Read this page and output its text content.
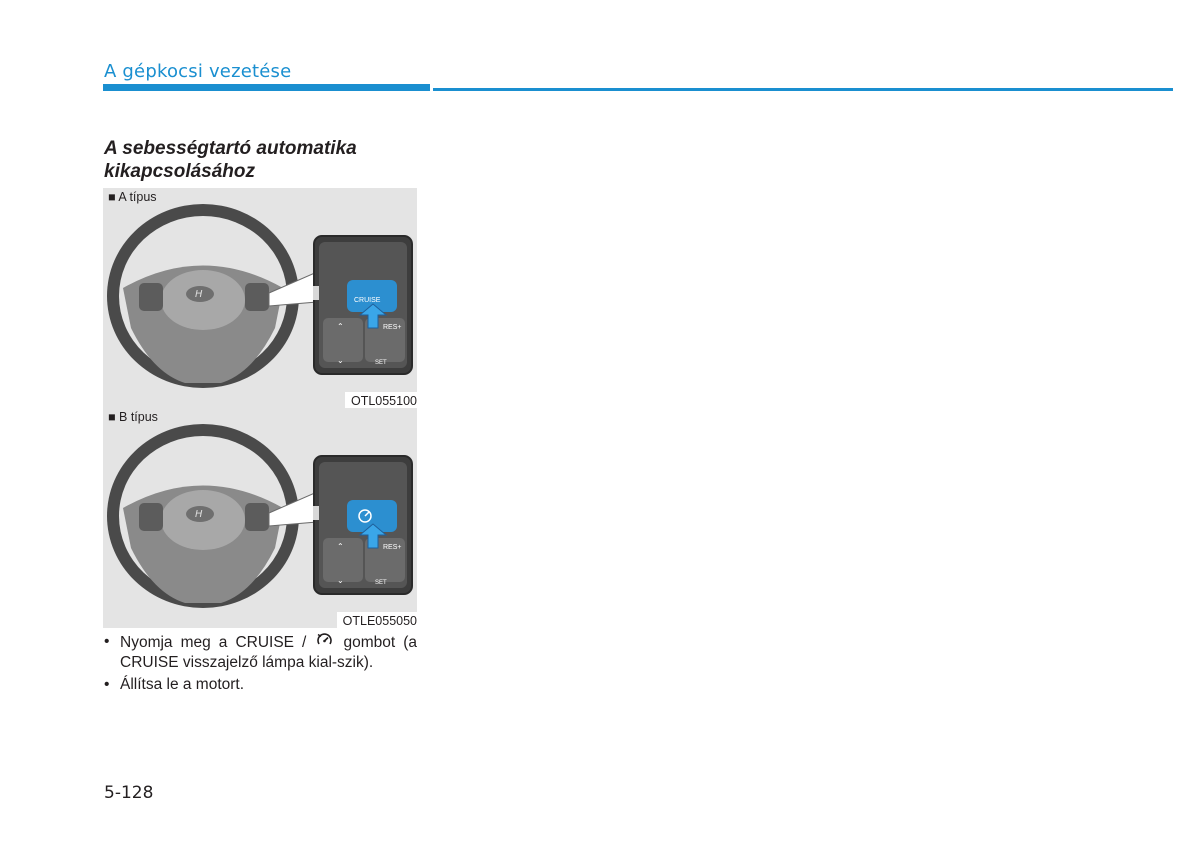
A gépkocsi vezetése
A sebességtartó automatika kikapcsolásához
■ A típus
H
CRUISE
⌃
⌄
RES+
SET
OTL055100
■ B típus
H
⌃
⌄
RES+
SET
OTLE055050
• Nyomja meg a CRUISE / gombot (a CRUISE visszajelző lámpa kial-szik).
• Állítsa le a motort.
5-128
